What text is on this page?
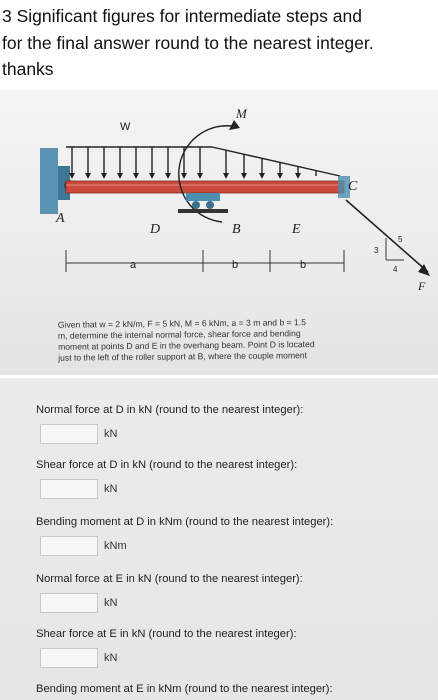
3 Significant figures for intermediate steps and
for the final answer round to the nearest integer.
thanks
W
M
A
C
D	B	E
a	b	b
3
4
5
F
Given that w = 2 kN/m, F = 5 kN, M = 6 kNm, a = 3 m and b = 1.5
m, determine the internal normal force, shear force and bending
moment at points D and E in the overhang beam. Point D is located
just to the left of the roller support at B, where the couple moment
Normal force at D in kN (round to the nearest integer):
kN
Shear force at D in kN (round to the nearest integer):
kN
Bending moment at D in kNm (round to the nearest integer):
kNm
Normal force at E in kN (round to the nearest integer):
kN
Shear force at E in kN (round to the nearest integer):
kN
Bending moment at E in kNm (round to the nearest integer):
